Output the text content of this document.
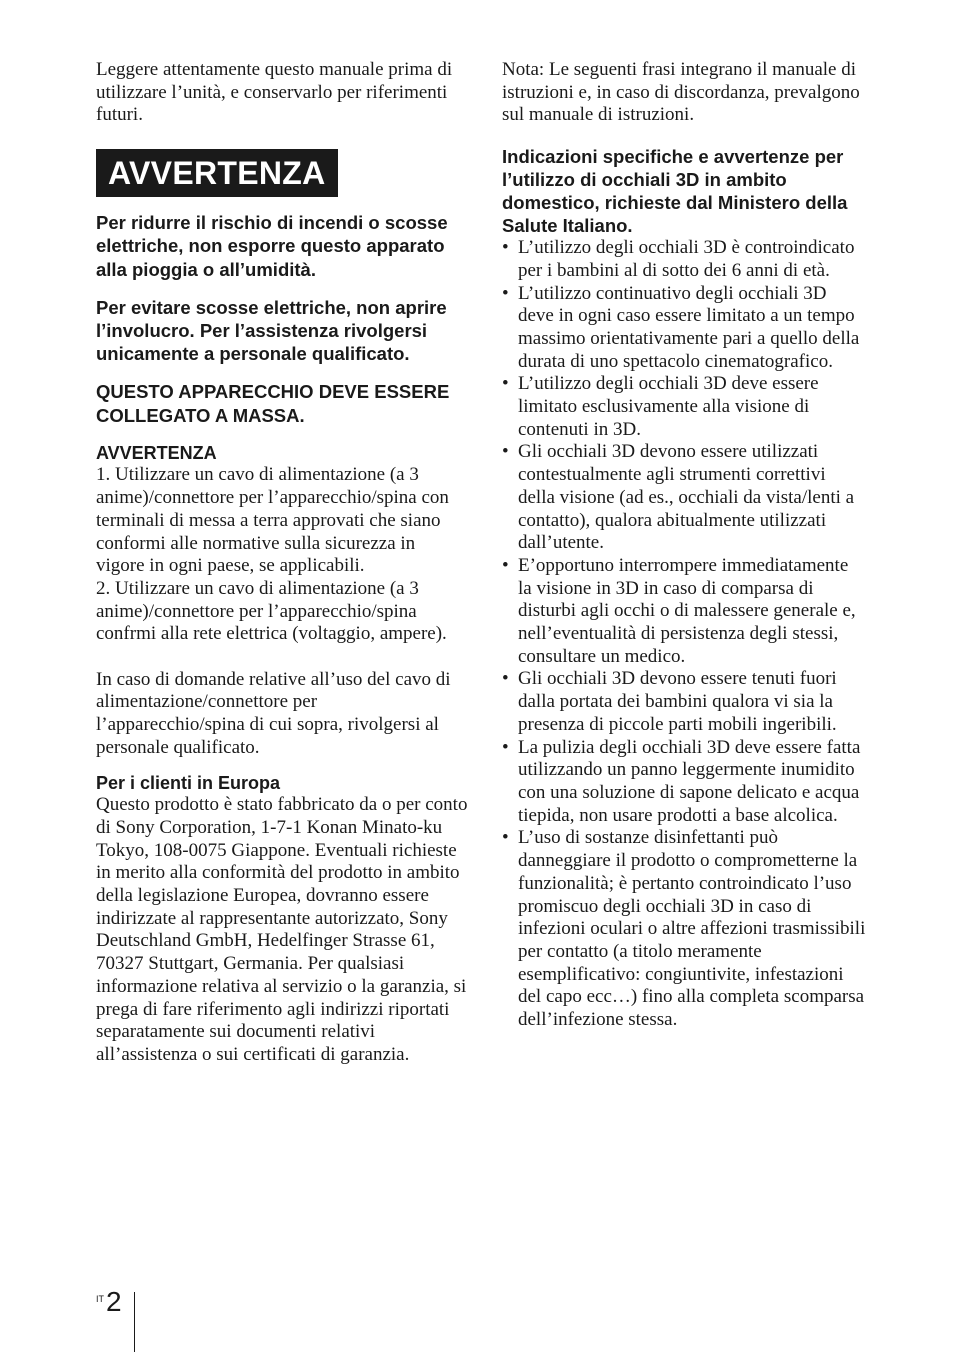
Leggere attentamente questo manuale prima di utilizzare l’unità, e conservarlo per riferimenti futuri.

AVVERTENZA

Per ridurre il rischio di incendi o scosse elettriche, non esporre questo apparato alla pioggia o all’umidità.

Per evitare scosse elettriche, non aprire l’involucro. Per l’assistenza rivolgersi unicamente a personale qualificato.

QUESTO APPARECCHIO DEVE ESSERE COLLEGATO A MASSA.

AVVERTENZA

1. Utilizzare un cavo di alimentazione (a 3 anime)/connettore per l’apparecchio/spina con terminali di messa a terra approvati che siano conformi alle normative sulla sicurezza in vigore in ogni paese, se applicabili.

2. Utilizzare un cavo di alimentazione (a 3 anime)/connettore per l’apparecchio/spina confrmi alla rete elettrica (voltaggio, ampere).

In caso di domande relative all’uso del cavo di alimentazione/connettore per l’apparecchio/spina di cui sopra, rivolgersi al personale qualificato.

Per i clienti in Europa

Questo prodotto è stato fabbricato da o per conto di Sony Corporation, 1-7-1 Konan Minato-ku Tokyo, 108-0075 Giappone. Eventuali richieste in merito alla conformità del prodotto in ambito della legislazione Europea, dovranno essere indirizzate al rappresentante autorizzato, Sony Deutschland GmbH, Hedelfinger Strasse 61, 70327 Stuttgart, Germania. Per qualsiasi informazione relativa al servizio o la garanzia, si prega di fare riferimento agli indirizzi riportati separatamente sui documenti relativi all’assistenza o sui certificati di garanzia.

Nota: Le seguenti frasi integrano il manuale di istruzioni e, in caso di discordanza, prevalgono sul manuale di istruzioni.

Indicazioni specifiche e avvertenze per l’utilizzo di occhiali 3D in ambito domestico, richieste dal Ministero della Salute Italiano.

• L’utilizzo degli occhiali 3D è controindicato per i bambini al di sotto dei 6 anni di età.
• L’utilizzo continuativo degli occhiali 3D deve in ogni caso essere limitato a un tempo massimo orientativamente pari a quello della durata di uno spettacolo cinematografico.
• L’utilizzo degli occhiali 3D deve essere limitato esclusivamente alla visione di contenuti in 3D.
• Gli occhiali 3D devono essere utilizzati contestualmente agli strumenti correttivi della visione (ad es., occhiali da vista/lenti a contatto), qualora abitualmente utilizzati dall’utente.
• E’opportuno interrompere immediatamente la visione in 3D in caso di comparsa di disturbi agli occhi o di malessere generale e, nell’eventualità di persistenza degli stessi, consultare un medico.
• Gli occhiali 3D devono essere tenuti fuori dalla portata dei bambini qualora vi sia la presenza di piccole parti mobili ingeribili.
• La pulizia degli occhiali 3D deve essere fatta utilizzando un panno leggermente inumidito con una soluzione di sapone delicato e acqua tiepida, non usare prodotti a base alcolica.
• L’uso di sostanze disinfettanti può danneggiare il prodotto o comprometterne la funzionalità; è pertanto controindicato l’uso promiscuo degli occhiali 3D in caso di infezioni oculari o altre affezioni trasmissibili per contatto (a titolo meramente esemplificativo: congiuntivite, infestazioni del capo ecc…) fino alla completa scomparsa dell’infezione stessa.
IT 2
